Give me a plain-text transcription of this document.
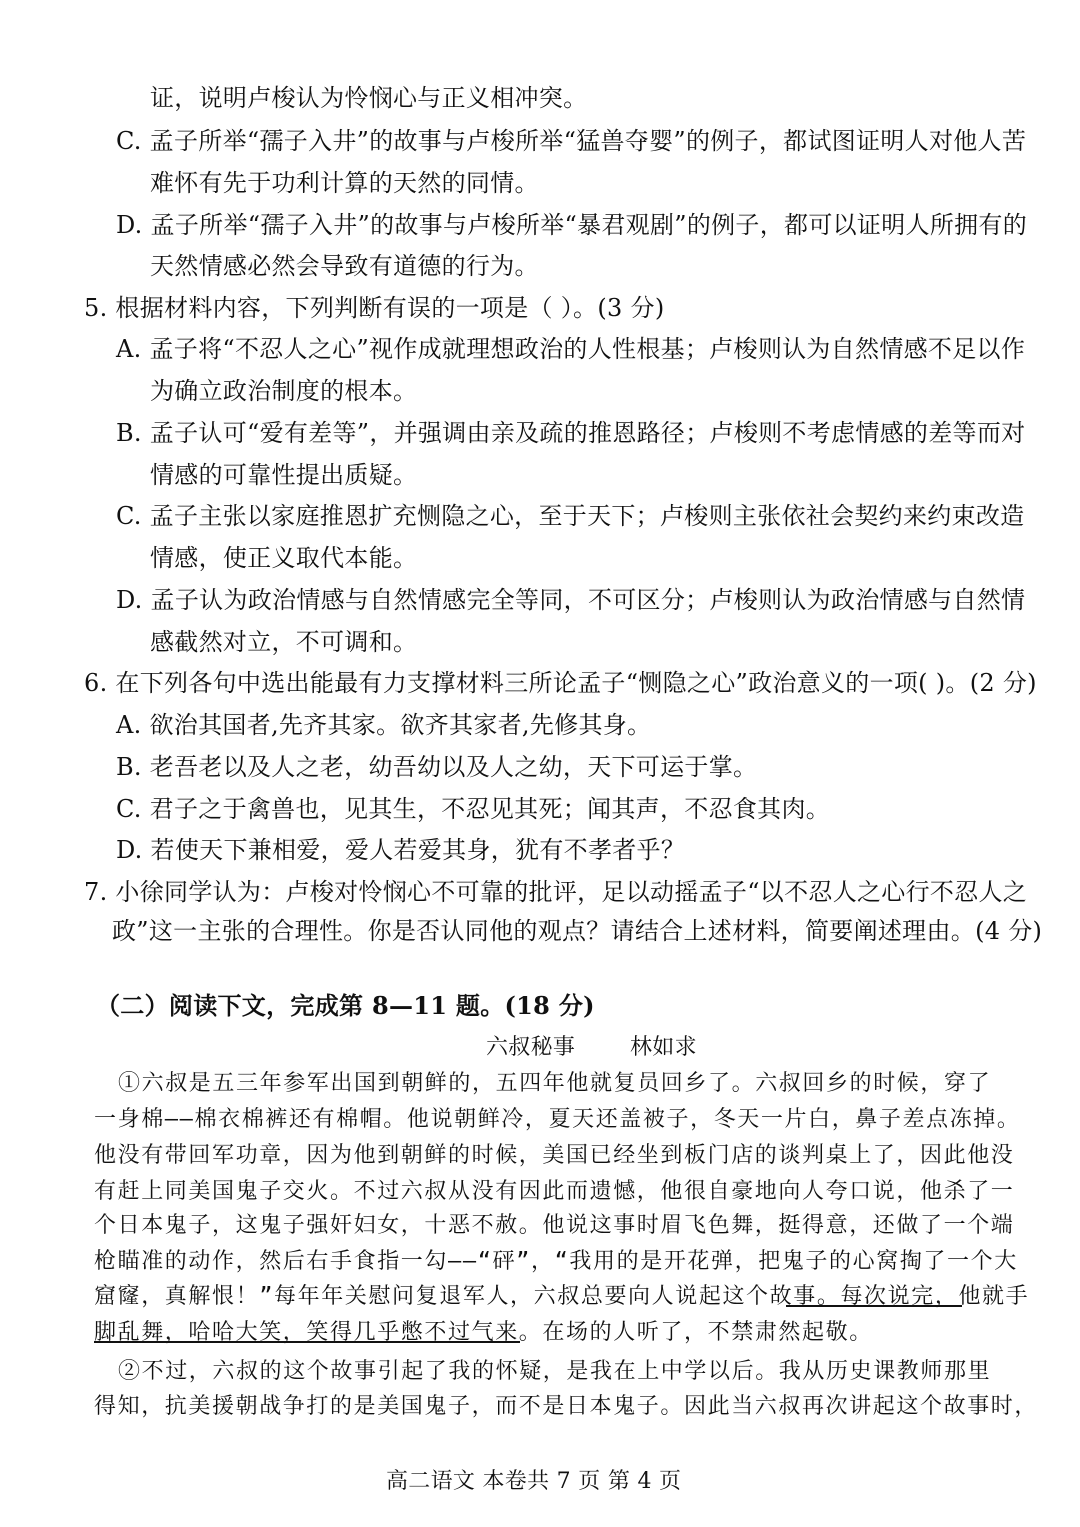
证，说明卢梭认为怜悯心与正义相冲突。
C. 孟子所举“孺子入井”的故事与卢梭所举“猛兽夺婴”的例子，都试图证明人对他人苦
难怀有先于功利计算的天然的同情。
D. 孟子所举“孺子入井”的故事与卢梭所举“暴君观剧”的例子，都可以证明人所拥有的
天然情感必然会导致有道德的行为。
5. 根据材料内容，下列判断有误的一项是（ ）。(3 分)
A. 孟子将“不忍人之心”视作成就理想政治的人性根基；卢梭则认为自然情感不足以作
为确立政治制度的根本。
B. 孟子认可“爱有差等”，并强调由亲及疏的推恩路径；卢梭则不考虑情感的差等而对
情感的可靠性提出质疑。
C. 孟子主张以家庭推恩扩充恻隐之心，至于天下；卢梭则主张依社会契约来约束改造
情感，使正义取代本能。
D. 孟子认为政治情感与自然情感完全等同，不可区分；卢梭则认为政治情感与自然情
感截然对立，不可调和。
6. 在下列各句中选出能最有力支撑材料三所论孟子“恻隐之心”政治意义的一项( )。(2 分)
A. 欲治其国者,先齐其家。欲齐其家者,先修其身。
B. 老吾老以及人之老，幼吾幼以及人之幼，天下可运于掌。
C. 君子之于禽兽也，见其生，不忍见其死；闻其声，不忍食其肉。
D. 若使天下兼相爱，爱人若爱其身，犹有不孝者乎？
7. 小徐同学认为：卢梭对怜悯心不可靠的批评，足以动摇孟子“以不忍人之心行不忍人之
政”这一主张的合理性。你是否认同他的观点？请结合上述材料，简要阐述理由。(4 分)
（二）阅读下文，完成第 8—11 题。(18 分)
六叔秘事 林如求
①六叔是五三年参军出国到朝鲜的，五四年他就复员回乡了。六叔回乡的时候，穿了
一身棉——棉衣棉裤还有棉帽。他说朝鲜冷，夏天还盖被子，冬天一片白，鼻子差点冻掉。
他没有带回军功章，因为他到朝鲜的时候，美国已经坐到板门店的谈判桌上了，因此他没
有赶上同美国鬼子交火。不过六叔从没有因此而遗憾，他很自豪地向人夸口说，他杀了一
个日本鬼子，这鬼子强奸妇女，十恶不赦。他说这事时眉飞色舞，挺得意，还做了一个端
枪瞄准的动作，然后右手食指一勾——“砰”，“我用的是开花弹，把鬼子的心窝掏了一个大
窟窿，真解恨！”每年年关慰问复退军人，六叔总要向人说起这个故事。每次说完，他就手
脚乱舞，哈哈大笑，笑得几乎憋不过气来。在场的人听了，不禁肃然起敬。
②不过，六叔的这个故事引起了我的怀疑，是我在上中学以后。我从历史课教师那里
得知，抗美援朝战争打的是美国鬼子，而不是日本鬼子。因此当六叔再次讲起这个故事时，
高二语文 本卷共 7 页 第 4 页
